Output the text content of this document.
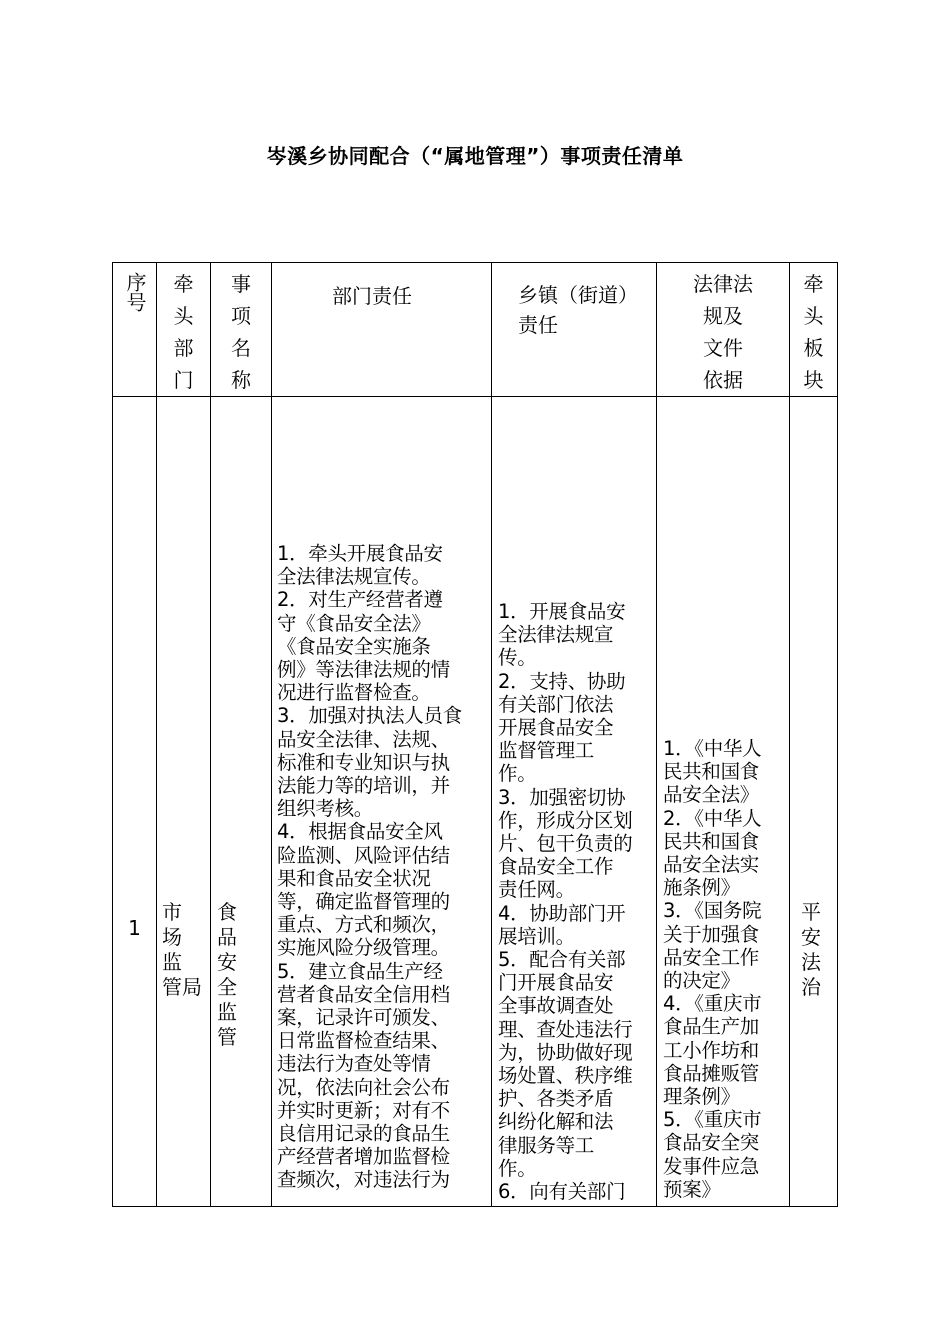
岑溪乡协同配合（“属地管理”）事项责任清单
序号	牵
头
部
门
事
项
名
称
部门责任	乡镇（街道）
责任
法律法
规及
文件
依据
牵
头
板
块
1
市
场
监
管局
食
品
安
全
监
管
1．牵头开展食品安
全法律法规宣传。
2．对生产经营者遵
守《食品安全法》
《食品安全实施条
例》等法律法规的情
况进行监督检查。
3．加强对执法人员食
品安全法律、法规、
标准和专业知识与执
法能力等的培训，并
组织考核。
4．根据食品安全风
险监测、风险评估结
果和食品安全状况
等，确定监督管理的
重点、方式和频次，
实施风险分级管理。
5．建立食品生产经
营者食品安全信用档
案，记录许可颁发、
日常监督检查结果、
违法行为查处等情
况，依法向社会公布
并实时更新；对有不
良信用记录的食品生
产经营者增加监督检
查频次，对违法行为
1．开展食品安
全法律法规宣
传。
2．支持、协助
有关部门依法
开展食品安全
监督管理工
作。
3．加强密切协
作，形成分区划
片、包干负责的
食品安全工作
责任网。
4．协助部门开
展培训。
5．配合有关部
门开展食品安
全事故调查处
理、查处违法行
为，协助做好现
场处置、秩序维
护、各类矛盾
纠纷化解和法
律服务等工
作。
6．向有关部门
1．《中华人
民共和国食
品安全法》
2．《中华人
民共和国食
品安全法实
施条例》
3．《国务院
关于加强食
品安全工作
的决定》
4．《重庆市
食品生产加
工小作坊和
食品摊贩管
理条例》
5．《重庆市
食品安全突
发事件应急
预案》
平
安
法
治
